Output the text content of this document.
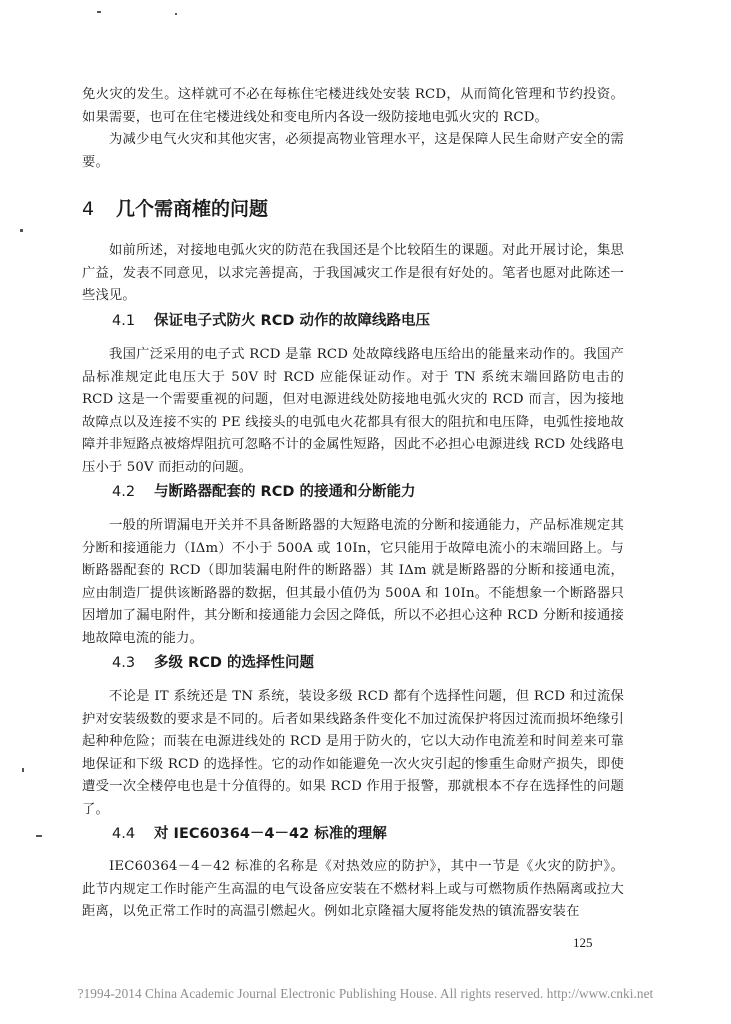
免火灾的发生。这样就可不必在每栋住宅楼进线处安装 RCD，从而简化管理和节约投资。如果需要，也可在住宅楼进线处和变电所内各设一级防接地电弧火灾的 RCD。

为减少电气火灾和其他灾害，必须提高物业管理水平，这是保障人民生命财产安全的需要。

4 几个需商榷的问题

如前所述，对接地电弧火灾的防范在我国还是个比较陌生的课题。对此开展讨论，集思广益，发表不同意见，以求完善提高，于我国减灾工作是很有好处的。笔者也愿对此陈述一些浅见。

4.1 保证电子式防火 RCD 动作的故障线路电压

我国广泛采用的电子式 RCD 是靠 RCD 处故障线路电压给出的能量来动作的。我国产品标准规定此电压大于 50V 时 RCD 应能保证动作。对于 TN 系统末端回路防电击的 RCD 这是一个需要重视的问题，但对电源进线处防接地电弧火灾的 RCD 而言，因为接地故障点以及连接不实的 PE 线接头的电弧电火花都具有很大的阻抗和电压降，电弧性接地故障并非短路点被熔焊阻抗可忽略不计的金属性短路，因此不必担心电源进线 RCD 处线路电压小于 50V 而拒动的问题。

4.2 与断路器配套的 RCD 的接通和分断能力

一般的所谓漏电开关并不具备断路器的大短路电流的分断和接通能力，产品标准规定其分断和接通能力（IΔm）不小于 500A 或 10In，它只能用于故障电流小的末端回路上。与断路器配套的 RCD（即加装漏电附件的断路器）其 IΔm 就是断路器的分断和接通电流，应由制造厂提供该断路器的数据，但其最小值仍为 500A 和 10In。不能想象一个断路器只因增加了漏电附件，其分断和接通能力会因之降低，所以不必担心这种 RCD 分断和接通接地故障电流的能力。

4.3 多级 RCD 的选择性问题

不论是 IT 系统还是 TN 系统，装设多级 RCD 都有个选择性问题，但 RCD 和过流保护对安装级数的要求是不同的。后者如果线路条件变化不加过流保护将因过流而损坏绝缘引起种种危险；而装在电源进线处的 RCD 是用于防火的，它以大动作电流差和时间差来可靠地保证和下级 RCD 的选择性。它的动作如能避免一次火灾引起的惨重生命财产损失，即使遭受一次全楼停电也是十分值得的。如果 RCD 作用于报警，那就根本不存在选择性的问题了。

4.4 对 IEC60364－4－42 标准的理解

IEC60364－4－42 标准的名称是《对热效应的防护》，其中一节是《火灾的防护》。此节内规定工作时能产生高温的电气设备应安装在不燃材料上或与可燃物质作热隔离或拉大距离，以免正常工作时的高温引燃起火。例如北京隆福大厦将能发热的镇流器安装在

125
?1994-2014 China Academic Journal Electronic Publishing House. All rights reserved. http://www.cnki.net
